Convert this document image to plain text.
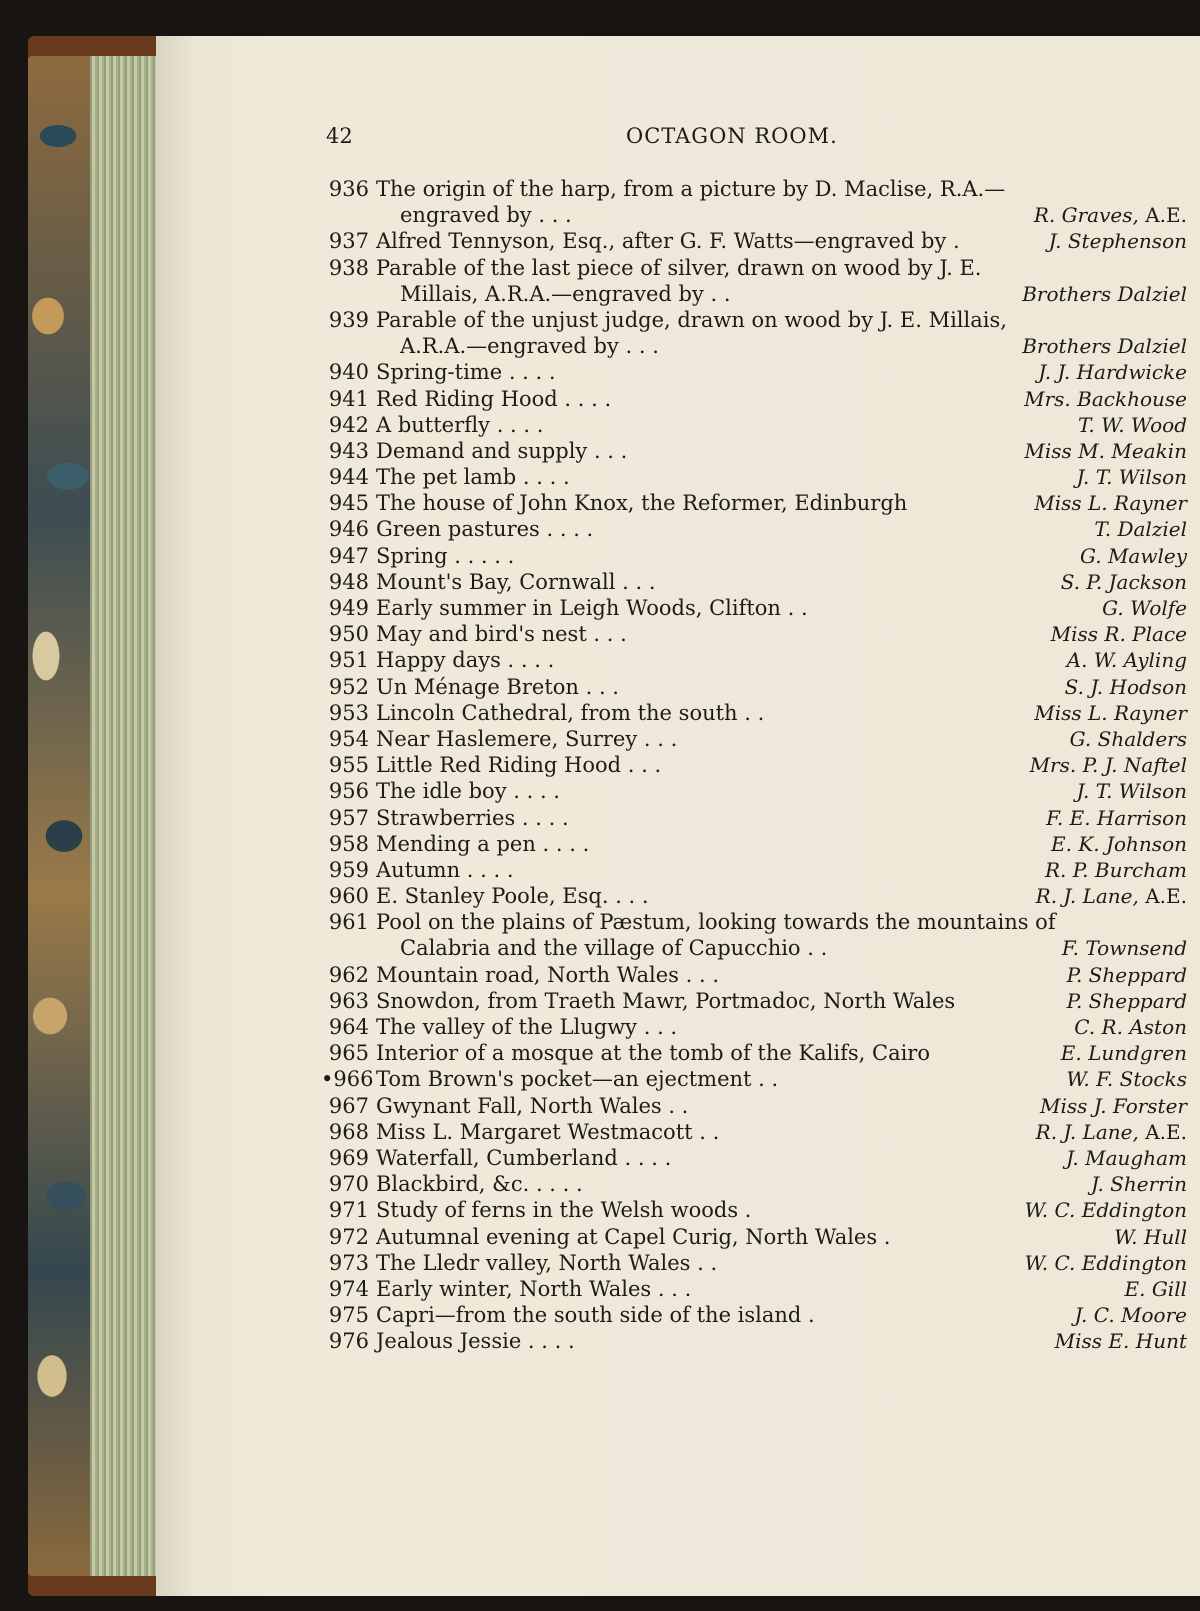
42	OCTAGON ROOM.
936 The origin of the harp, from a picture by D. Maclise, R.A.—
engraved by . . .	R. Graves, A.E.
937 Alfred Tennyson, Esq., after G. F. Watts—engraved by .	J. Stephenson
938 Parable of the last piece of silver, drawn on wood by J. E.
Millais, A.R.A.—engraved by . .	Brothers Dalziel
939 Parable of the unjust judge, drawn on wood by J. E. Millais,
A.R.A.—engraved by . . .	Brothers Dalziel
940 Spring-time . . . .	J. J. Hardwicke
941 Red Riding Hood . . . .	Mrs. Backhouse
942 A butterfly . . . .	T. W. Wood
943 Demand and supply . . .	Miss M. Meakin
944 The pet lamb . . . .	J. T. Wilson
945 The house of John Knox, the Reformer, Edinburgh	Miss L. Rayner
946 Green pastures . . . .	T. Dalziel
947 Spring . . . . .	G. Mawley
948 Mount's Bay, Cornwall . . .	S. P. Jackson
949 Early summer in Leigh Woods, Clifton . .	G. Wolfe
950 May and bird's nest . . .	Miss R. Place
951 Happy days . . . .	A. W. Ayling
952 Un Ménage Breton . . .	S. J. Hodson
953 Lincoln Cathedral, from the south . .	Miss L. Rayner
954 Near Haslemere, Surrey . . .	G. Shalders
955 Little Red Riding Hood . . .	Mrs. P. J. Naftel
956 The idle boy . . . .	J. T. Wilson
957 Strawberries . . . .	F. E. Harrison
958 Mending a pen . . . .	E. K. Johnson
959 Autumn . . . .	R. P. Burcham
960 E. Stanley Poole, Esq. . . .	R. J. Lane, A.E.
961 Pool on the plains of Pæstum, looking towards the mountains of
Calabria and the village of Capucchio . .	F. Townsend
962 Mountain road, North Wales . . .	P. Sheppard
963 Snowdon, from Traeth Mawr, Portmadoc, North Wales	P. Sheppard
964 The valley of the Llugwy . . .	C. R. Aston
965 Interior of a mosque at the tomb of the Kalifs, Cairo	E. Lundgren
•966 Tom Brown's pocket—an ejectment . .	W. F. Stocks
967 Gwynant Fall, North Wales . .	Miss J. Forster
968 Miss L. Margaret Westmacott . .	R. J. Lane, A.E.
969 Waterfall, Cumberland . . . .	J. Maugham
970 Blackbird, &c. . . . .	J. Sherrin
971 Study of ferns in the Welsh woods .	W. C. Eddington
972 Autumnal evening at Capel Curig, North Wales .	W. Hull
973 The Lledr valley, North Wales . .	W. C. Eddington
974 Early winter, North Wales . . .	E. Gill
975 Capri—from the south side of the island .	J. C. Moore
976 Jealous Jessie . . . .	Miss E. Hunt
